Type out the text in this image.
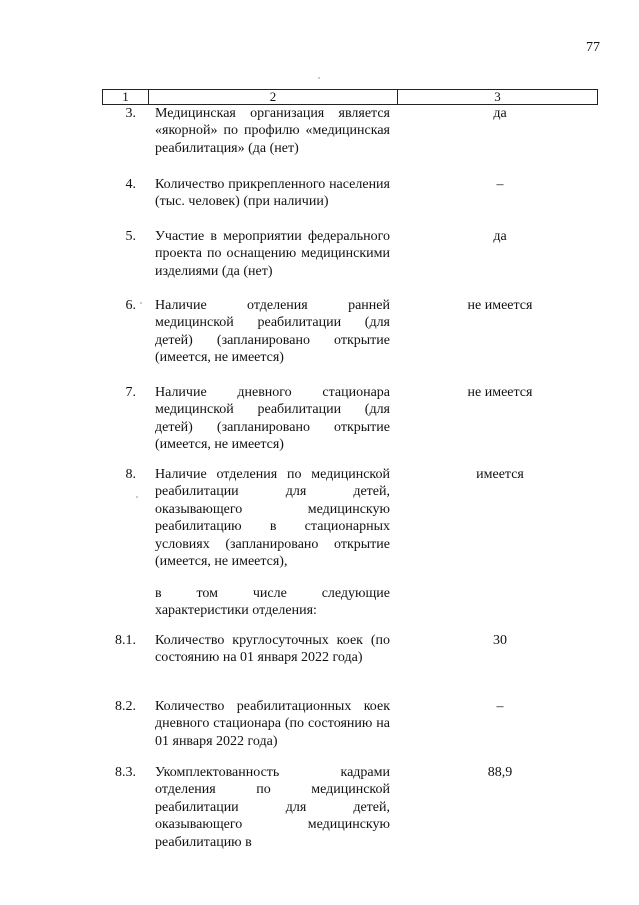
77
1	2	3
3. Медицинская организация является «якорной» по профилю «медицинская реабилитация» (да (нет)
да
4. Количество прикрепленного населения (тыс. человек) (при наличии)
–
5. Участие в мероприятии федерального проекта по оснащению медицинскими изделиями (да (нет)
да
6. Наличие отделения ранней медицинской реабилитации (для детей) (запланировано открытие (имеется, не имеется)
не имеется
7. Наличие дневного стационара медицинской реабилитации (для детей) (запланировано открытие (имеется, не имеется)
не имеется
8. Наличие отделения по медицинской реабилитации для детей, оказывающего медицинскую реабилитацию в стационарных условиях (запланировано открытие (имеется, не имеется),
имеется
в том числе следующие характеристики отделения:
8.1. Количество круглосуточных коек (по состоянию на 01 января 2022 года)
30
8.2. Количество реабилитационных коек дневного стационара (по состоянию на 01 января 2022 года)
–
8.3. Укомплектованность кадрами отделения по медицинской реабилитации для детей, оказывающего медицинскую реабилитацию в
88,9
